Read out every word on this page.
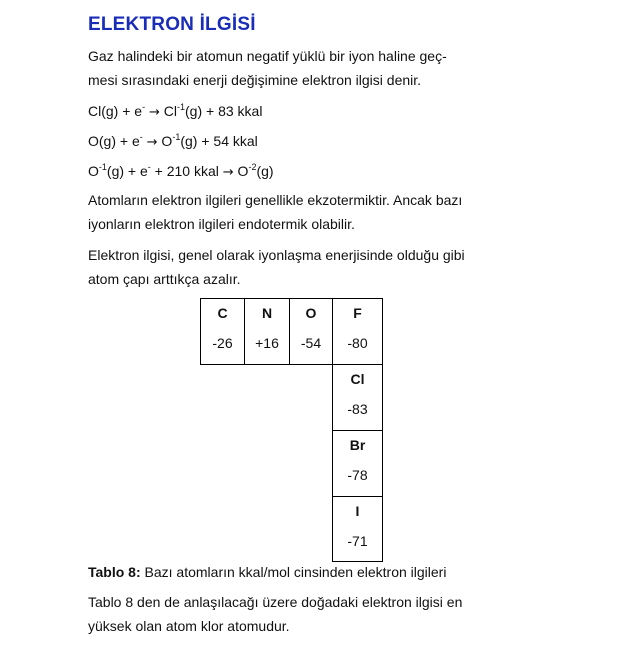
ELEKTRON İLGİSİ
Gaz halindeki bir atomun negatif yüklü bir iyon haline geç-
mesi sırasındaki enerji değişimine elektron ilgisi denir.
$Cl(g) + e^- \to Cl^{-1}(g) + 83$ kkal
$O(g) + e^- \to O^{-1}(g) + 54$ kkal
$O^{-1}(g) + e^- + 210$ kkal → $O^{-2}(g)$
Atomların elektron ilgileri genellikle ekzotermiktir. Ancak bazı
iyonların elektron ilgileri endotermik olabilir.
Elektron ilgisi, genel olarak iyonlaşma enerjisinde olduğu gibi
atom çapı arttıkça azalır.
C
-26
N
+16
O
-54
F
-80
Cl
-83
Br
-78
I
-71
Tablo 8: Bazı atomların kkal/mol cinsinden elektron ilgileri
Tablo 8 den de anlaşılacağı üzere doğadaki elektron ilgisi en
yüksek olan atom klor atomudur.
